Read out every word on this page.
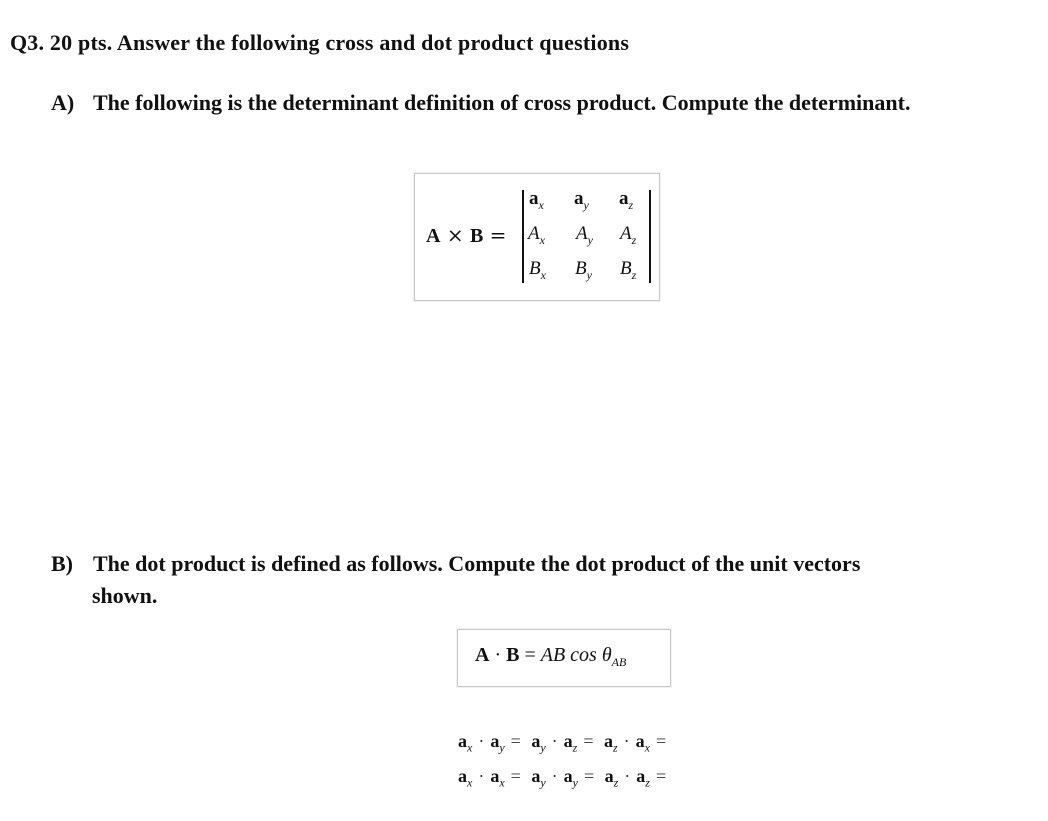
Q3. 20 pts. Answer the following cross and dot product questions
A) The following is the determinant definition of cross product. Compute the determinant.
A × B =
$a_x$ $a_y$ $a_z$
$A_x$ $A_y$ $A_z$
$B_x$ $B_y$ $B_z$
B) The dot product is defined as follows. Compute the dot product of the unit vectors
shown.
A · B = AB $\cos \theta_{AB}$
$a_x \cdot a_y = a_y \cdot a_z = a_z \cdot a_x$ =
$a_x \cdot a_x = a_y \cdot a_y = a_z \cdot a_z$ =
